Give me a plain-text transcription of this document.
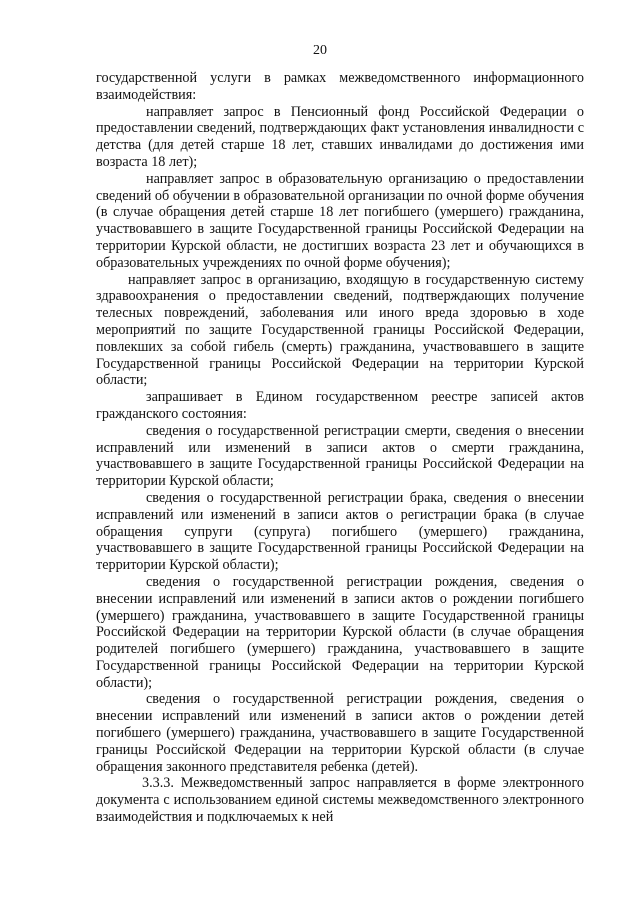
20

государственной услуги в рамках межведомственного информационного взаимодействия:

направляет запрос в Пенсионный фонд Российской Федерации о предоставлении сведений, подтверждающих факт установления инвалидности с детства (для детей старше 18 лет, ставших инвалидами до достижения ими возраста 18 лет);

направляет запрос в образовательную организацию о предоставлении сведений об обучении в образовательной организации по очной форме обучения (в случае обращения детей старше 18 лет погибшего (умершего) гражданина, участвовавшего в защите Государственной границы Российской Федерации на территории Курской области, не достигших возраста 23 лет и обучающихся в образовательных учреждениях по очной форме обучения);

направляет запрос в организацию, входящую в государственную систему здравоохранения о предоставлении сведений, подтверждающих получение телесных повреждений, заболевания или иного вреда здоровью в ходе мероприятий по защите Государственной границы Российской Федерации, повлекших за собой гибель (смерть) гражданина, участвовавшего в защите Государственной границы Российской Федерации на территории Курской области;

запрашивает в Едином государственном реестре записей актов гражданского состояния:

сведения о государственной регистрации смерти, сведения о внесении исправлений или изменений в записи актов о смерти гражданина, участвовавшего в защите Государственной границы Российской Федерации на территории Курской области;

сведения о государственной регистрации брака, сведения о внесении исправлений или изменений в записи актов о регистрации брака (в случае обращения супруги (супруга) погибшего (умершего) гражданина, участвовавшего в защите Государственной границы Российской Федерации на территории Курской области);

сведения о государственной регистрации рождения, сведения о внесении исправлений или изменений в записи актов о рождении погибшего (умершего) гражданина, участвовавшего в защите Государственной границы Российской Федерации на территории Курской области (в случае обращения родителей погибшего (умершего) гражданина, участвовавшего в защите Государственной границы Российской Федерации на территории Курской области);

сведения о государственной регистрации рождения, сведения о внесении исправлений или изменений в записи актов о рождении детей погибшего (умершего) гражданина, участвовавшего в защите Государственной границы Российской Федерации на территории Курской области (в случае обращения законного представителя ребенка (детей).

3.3.3. Межведомственный запрос направляется в форме электронного документа с использованием единой системы межведомственного электронного взаимодействия и подключаемых к ней
